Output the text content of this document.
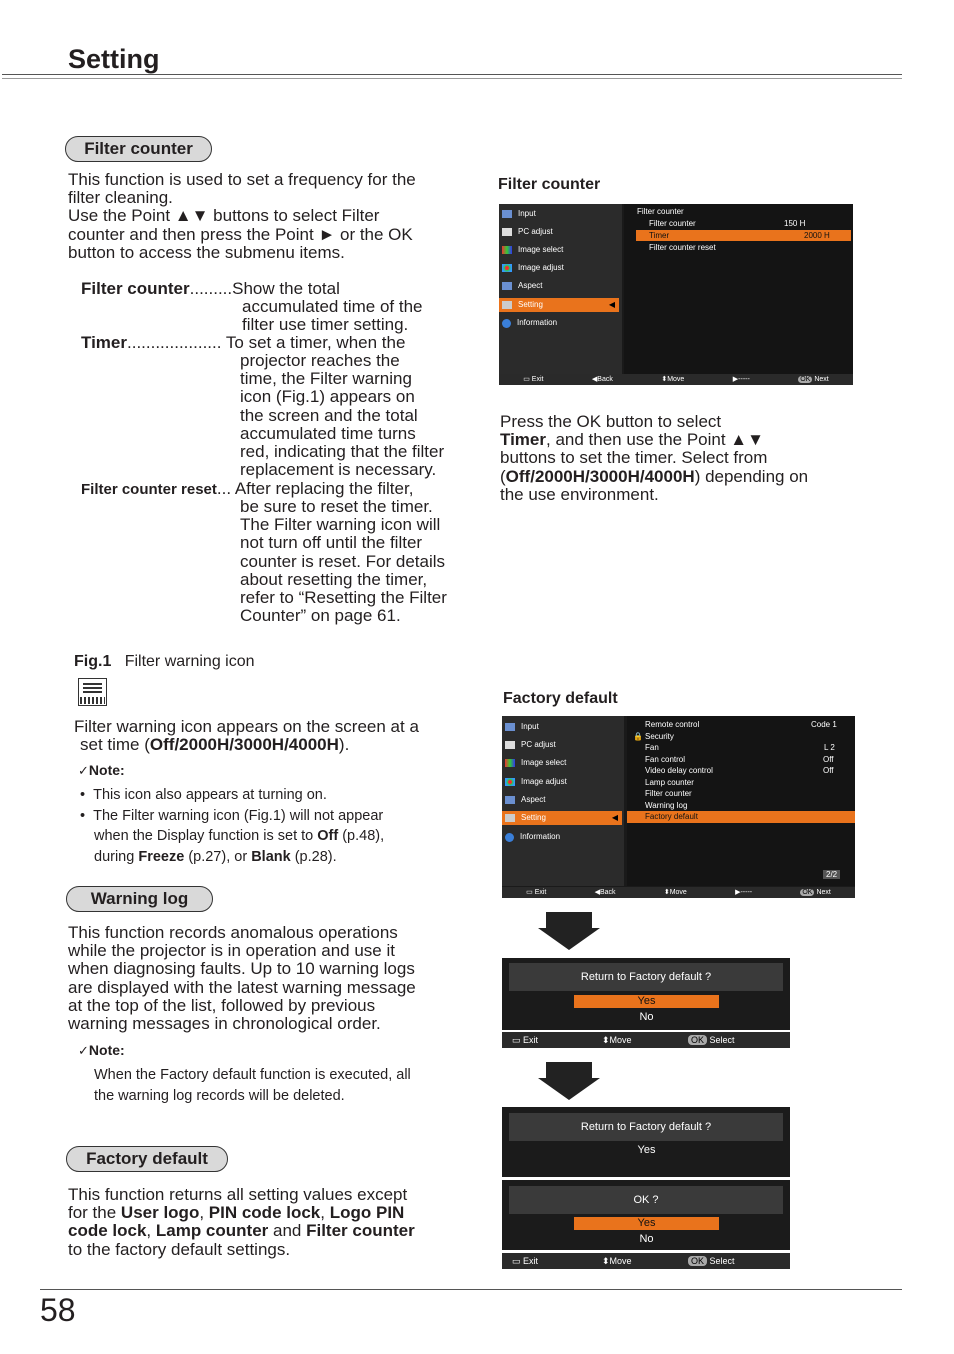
Setting
Filter counter
This function is used to set a frequency for the
filter cleaning.
Use the Point ▲▼ buttons to select Filter
counter and then press the Point ► or the OK
button to access the submenu items.
Filter counter.........Show the total
accumulated time of the
filter use timer setting.
Timer.................... To set a timer, when the
projector reaches the
time, the Filter warning
icon (Fig.1) appears on
the screen and the total
accumulated time turns
red, indicating that the filter
replacement is necessary.
Filter counter reset... After replacing the filter,
be sure to reset the timer.
The Filter warning icon will
not turn off until the filter
counter is reset. For details
about resetting the timer,
refer to “Resetting the Filter
Counter” on page 61.
Fig.1 Filter warning icon
Filter warning icon appears on the screen at a
set time (Off/2000H/3000H/4000H).
✓Note:
•  This icon also appears at turning on.
•  The Filter warning icon (Fig.1) will not appear
when the Display function is set to Off (p.48),
during Freeze (p.27), or Blank (p.28).
Warning log
This function records anomalous operations
while the projector is in operation and use it
when diagnosing faults. Up to 10 warning logs
are displayed with the latest warning message
at the top of the list, followed by previous
warning messages in chronological order.
✓Note:
When the Factory default function is executed, all
the warning log records will be deleted.
Factory default
This function returns all setting values except
for the User logo, PIN code lock, Logo PIN
code lock, Lamp counter and Filter counter
to the factory default settings.
Filter counter
Input
PC adjust
Image select
Image adjust
Aspect
Setting	◀
Information
Filter counter
Filter counter	150 H
Timer	2000 H
Filter counter reset
▭ Exit	◀Back	⬍Move	▶-----	OK Next
Press the OK button to select
Timer, and then use the Point ▲▼
buttons to set the timer. Select from
(Off/2000H/3000H/4000H) depending on
the use environment.
Factory default
Input
PC adjust
Image select
Image adjust
Aspect
Setting	◀
Information
Remote control	Code 1
🔒 Security
Fan	L 2
Fan control	Off
Video delay control	Off
Lamp counter
Filter counter
Warning log
Factory default
2/2
▭ Exit	◀Back	⬍Move	▶-----	OK Next
Return to Factory default ?
Yes
No
▭ Exit	⬍Move	OK Select
Return to Factory default ?
Yes
OK ?
Yes
No
▭ Exit	⬍Move	OK Select
58
